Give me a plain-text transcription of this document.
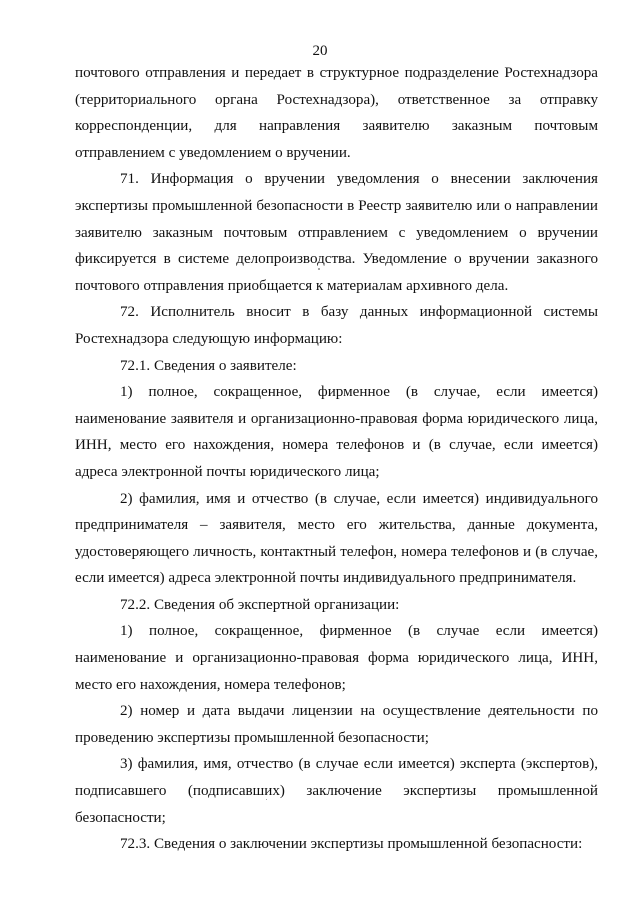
20

почтового отправления и передает в структурное подразделение Ростехнадзора (территориального органа Ростехнадзора), ответственное за отправку корреспонденции, для направления заявителю заказным почтовым отправлением с уведомлением о вручении.

71. Информация о вручении уведомления о внесении заключения экспертизы промышленной безопасности в Реестр заявителю или о направлении заявителю заказным почтовым отправлением с уведомлением о вручении фиксируется в системе делопроизводства. Уведомление о вручении заказного почтового отправления приобщается к материалам архивного дела.

72. Исполнитель вносит в базу данных информационной системы Ростехнадзора следующую информацию:

72.1. Сведения о заявителе:

1) полное, сокращенное, фирменное (в случае, если имеется) наименование заявителя и организационно-правовая форма юридического лица, ИНН, место его нахождения, номера телефонов и (в случае, если имеется) адреса электронной почты юридического лица;

2) фамилия, имя и отчество (в случае, если имеется) индивидуального предпринимателя – заявителя, место его жительства, данные документа, удостоверяющего личность, контактный телефон, номера телефонов и (в случае, если имеется) адреса электронной почты индивидуального предпринимателя.

72.2. Сведения об экспертной организации:

1) полное, сокращенное, фирменное (в случае если имеется) наименование и организационно-правовая форма юридического лица, ИНН, место его нахождения, номера телефонов;

2) номер и дата выдачи лицензии на осуществление деятельности по проведению экспертизы промышленной безопасности;

3) фамилия, имя, отчество (в случае если имеется) эксперта (экспертов), подписавшего (подписавших) заключение экспертизы промышленной безопасности;

72.3. Сведения о заключении экспертизы промышленной безопасности:
